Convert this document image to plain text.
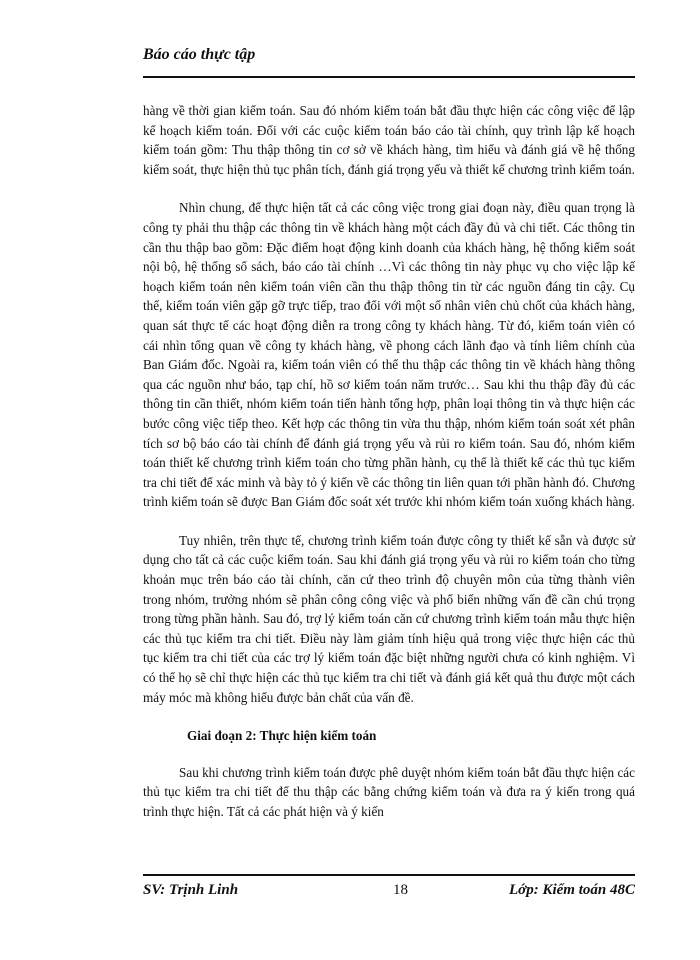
Báo cáo thực tập

hàng về thời gian kiểm toán. Sau đó nhóm kiểm toán bắt đầu thực hiện các công việc để lập kế hoạch kiểm toán. Đối với các cuộc kiểm toán báo cáo tài chính, quy trình lập kế hoạch kiểm toán gồm: Thu thập thông tin cơ sở về khách hàng, tìm hiểu và đánh giá về hệ thống kiểm soát, thực hiện thủ tục phân tích, đánh giá trọng yếu và thiết kế chương trình kiểm toán.

Nhìn chung, để thực hiện tất cả các công việc trong giai đoạn này, điều quan trọng là công ty phải thu thập các thông tin về khách hàng một cách đầy đủ và chi tiết. Các thông tin cần thu thập bao gồm: Đặc điểm hoạt động kinh doanh của khách hàng, hệ thống kiểm soát nội bộ, hệ thống sổ sách, báo cáo tài chính …Vì các thông tin này phục vụ cho việc lập kế hoạch kiểm toán nên kiểm toán viên cần thu thập thông tin từ các nguồn đáng tin cậy. Cụ thể, kiểm toán viên gặp gỡ trực tiếp, trao đổi với một số nhân viên chủ chốt của khách hàng, quan sát thực tế các hoạt động diễn ra trong công ty khách hàng. Từ đó, kiểm toán viên có cái nhìn tổng quan về công ty khách hàng, về phong cách lãnh đạo và tính liêm chính của Ban Giám đốc. Ngoài ra, kiểm toán viên có thể thu thập các thông tin về khách hàng thông qua các nguồn như báo, tạp chí, hồ sơ kiểm toán năm trước… Sau khi thu thập đầy đủ các thông tin cần thiết, nhóm kiểm toán tiến hành tổng hợp, phân loại thông tin và thực hiện các bước công việc tiếp theo. Kết hợp các thông tin vừa thu thập, nhóm kiểm toán soát xét phân tích sơ bộ báo cáo tài chính để đánh giá trọng yếu và rủi ro kiểm toán. Sau đó, nhóm kiểm toán thiết kế chương trình kiểm toán cho từng phần hành, cụ thể là thiết kế các thủ tục kiểm tra chi tiết để xác minh và bày tỏ ý kiến về các thông tin liên quan tới phần hành đó. Chương trình kiểm toán sẽ được Ban Giám đốc soát xét trước khi nhóm kiểm toán xuống khách hàng.

Tuy nhiên, trên thực tế, chương trình kiểm toán được công ty thiết kế sẵn và được sử dụng cho tất cả các cuộc kiểm toán. Sau khi đánh giá trọng yếu và rủi ro kiểm toán cho từng khoản mục trên báo cáo tài chính, căn cứ theo trình độ chuyên môn của từng thành viên trong nhóm, trưởng nhóm sẽ phân công công việc và phổ biến những vấn đề cần chú trọng trong từng phần hành. Sau đó, trợ lý kiểm toán căn cứ chương trình kiểm toán mẫu thực hiện các thủ tục kiểm tra chi tiết. Điều này làm giảm tính hiệu quả trong việc thực hiện các thủ tục kiểm tra chi tiết của các trợ lý kiểm toán đặc biệt những người chưa có kinh nghiệm. Vì có thể họ sẽ chỉ thực hiện các thủ tục kiểm tra chi tiết và đánh giá kết quả thu được một cách máy móc mà không hiểu được bản chất của vấn đề.

Giai đoạn 2: Thực hiện kiểm toán

Sau khi chương trình kiểm toán được phê duyệt nhóm kiểm toán bắt đầu thực hiện các thủ tục kiểm tra chi tiết để thu thập các bằng chứng kiểm toán và đưa ra ý kiến trong quá trình thực hiện. Tất cả các phát hiện và ý kiến

SV: Trịnh Linh	18	Lớp: Kiểm toán 48C
